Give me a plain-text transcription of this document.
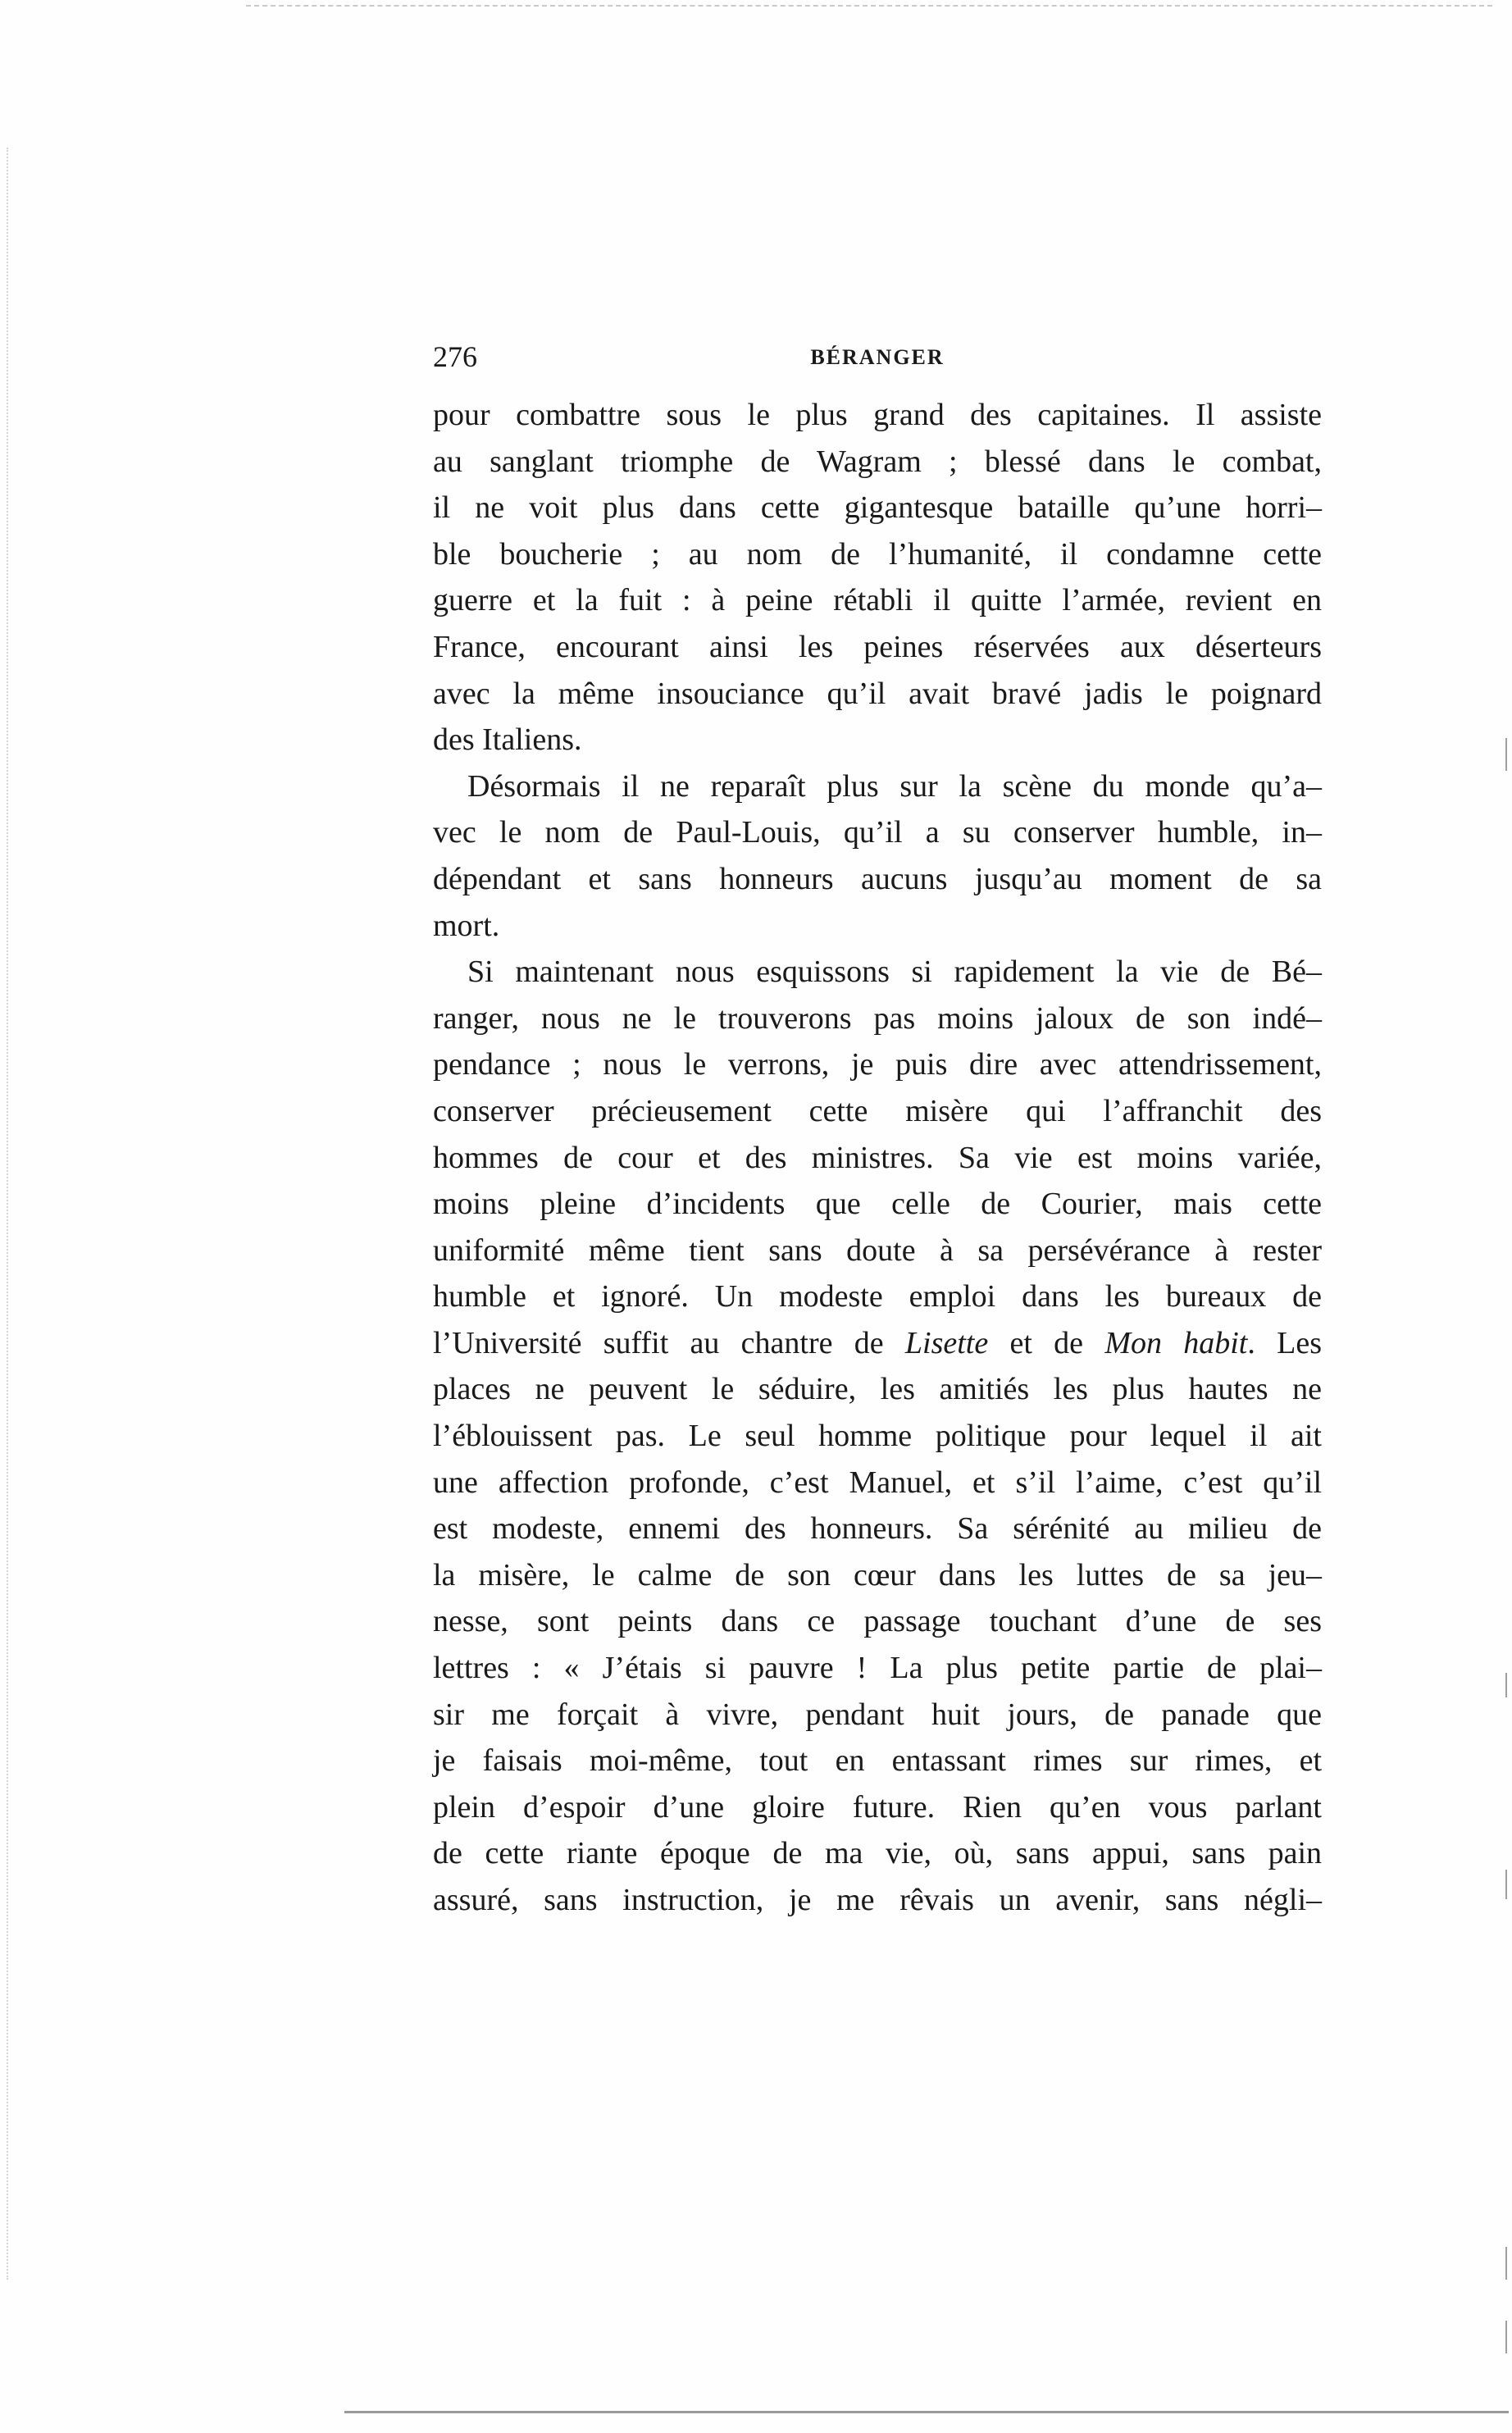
276	BÉRANGER
pour combattre sous le plus grand des capitaines. Il assiste
au sanglant triomphe de Wagram ; blessé dans le combat,
il ne voit plus dans cette gigantesque bataille qu’une horri–
ble boucherie ; au nom de l’humanité, il condamne cette
guerre et la fuit : à peine rétabli il quitte l’armée, revient en
France, encourant ainsi les peines réservées aux déserteurs
avec la même insouciance qu’il avait bravé jadis le poignard
des Italiens.
Désormais il ne reparaît plus sur la scène du monde qu’a–
vec le nom de Paul-Louis, qu’il a su conserver humble, in–
dépendant et sans honneurs aucuns jusqu’au moment de sa
mort.
Si maintenant nous esquissons si rapidement la vie de Bé–
ranger, nous ne le trouverons pas moins jaloux de son indé–
pendance ; nous le verrons, je puis dire avec attendrissement,
conserver précieusement cette misère qui l’affranchit des
hommes de cour et des ministres. Sa vie est moins variée,
moins pleine d’incidents que celle de Courier, mais cette
uniformité même tient sans doute à sa persévérance à rester
humble et ignoré. Un modeste emploi dans les bureaux de
l’Université suffit au chantre de Lisette et de Mon habit. Les
places ne peuvent le séduire, les amitiés les plus hautes ne
l’éblouissent pas. Le seul homme politique pour lequel il ait
une affection profonde, c’est Manuel, et s’il l’aime, c’est qu’il
est modeste, ennemi des honneurs. Sa sérénité au milieu de
la misère, le calme de son cœur dans les luttes de sa jeu–
nesse, sont peints dans ce passage touchant d’une de ses
lettres : « J’étais si pauvre ! La plus petite partie de plai–
sir me forçait à vivre, pendant huit jours, de panade que
je faisais moi-même, tout en entassant rimes sur rimes, et
plein d’espoir d’une gloire future. Rien qu’en vous parlant
de cette riante époque de ma vie, où, sans appui, sans pain
assuré, sans instruction, je me rêvais un avenir, sans négli–
